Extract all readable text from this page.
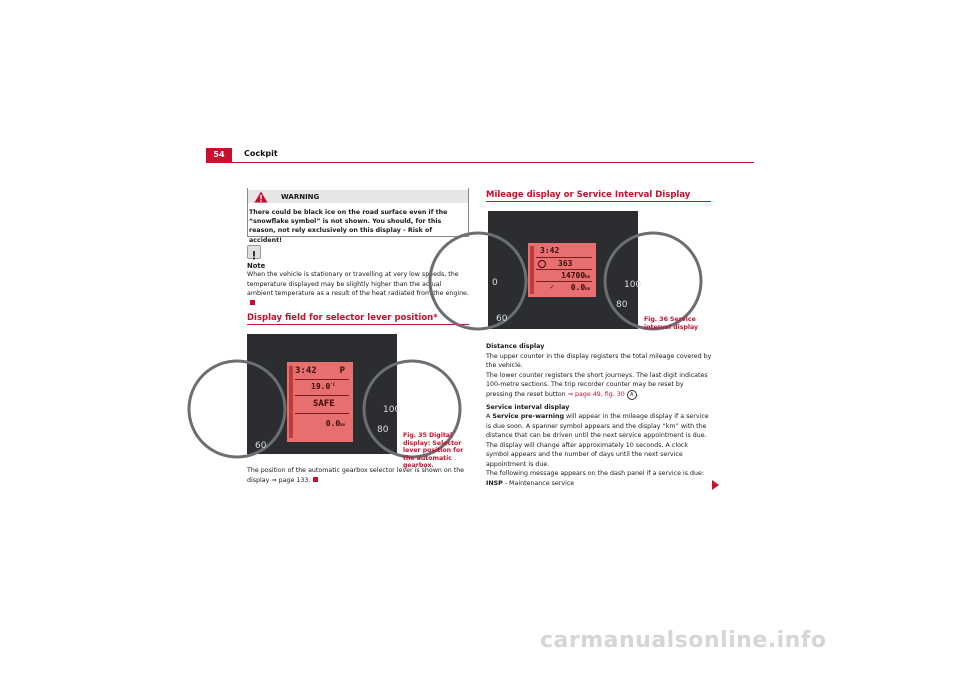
54	Cockpit
WARNING
There could be black ice on the road surface even if the “snowflake symbol” is not shown. You should, for this reason, not rely exclusively on this display - Risk of accident!
Note
When the vehicle is stationary or travelling at very low speeds, the temperature displayed may be slightly higher than the actual ambient temperature as a result of the heat radiated from the engine.
Display field for selector lever position*
60
80
100
3:42	P
$19.0^{^\circ C}$
SAFE
0.0km
Fig. 35 Digital display: Selector lever position for the automatic gearbox.
The position of the automatic gearbox selector lever is shown on the display ⇒ page 133.
Mileage display or Service Interval Display
0
60
80
100
3:42
363
14700km
✓ 0.0km
Fig. 36 Service interval display
Distance display
The upper counter in the display registers the total mileage covered by the vehicle.
The lower counter registers the short journeys. The last digit indicates 100-metre sections. The trip recorder counter may be reset by pressing the reset button ⇒ page 49, fig. 30 A .
Service interval display
A Service pre-warning will appear in the mileage display if a service is due soon. A spanner symbol appears and the display “km” with the distance that can be driven until the next service appointment is due. The display will change after approximately 10 seconds. A clock symbol appears and the number of days until the next service appointment is due.
The following message appears on the dash panel if a service is due:
INSP - Maintenance service
carmanualsonline.info
